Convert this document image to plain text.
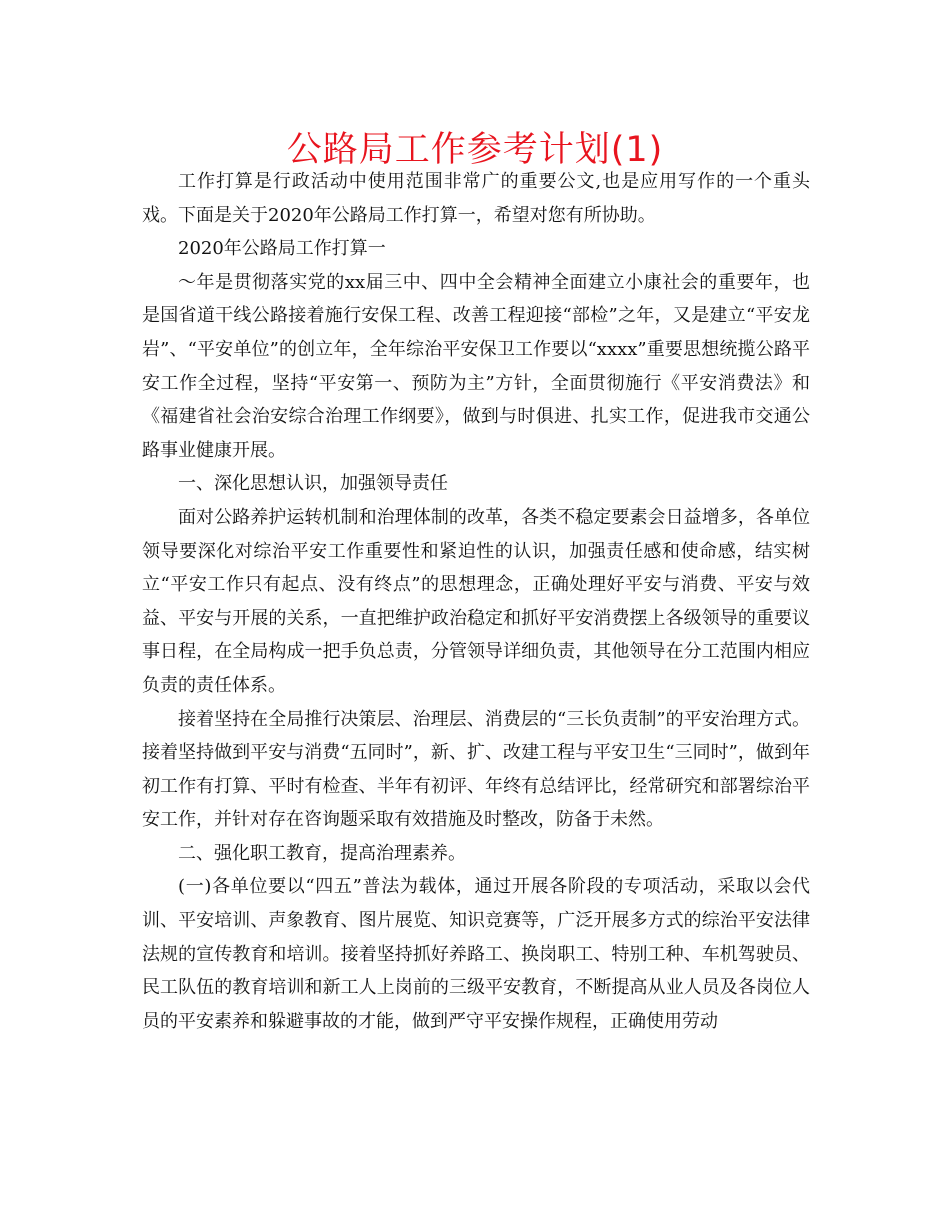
公路局工作参考计划(1)

工作打算是行政活动中使用范围非常广的重要公文,也是应用写作的一个重头戏。下面是关于2020年公路局工作打算一，希望对您有所协助。

2020年公路局工作打算一

～年是贯彻落实党的xx届三中、四中全会精神全面建立小康社会的重要年，也是国省道干线公路接着施行安保工程、改善工程迎接“部检”之年，又是建立“平安龙岩”、“平安单位”的创立年，全年综治平安保卫工作要以“xxxx”重要思想统揽公路平安工作全过程，坚持“平安第一、预防为主”方针，全面贯彻施行《平安消费法》和《福建省社会治安综合治理工作纲要》，做到与时俱进、扎实工作，促进我市交通公路事业健康开展。

一、深化思想认识，加强领导责任

面对公路养护运转机制和治理体制的改革，各类不稳定要素会日益增多，各单位领导要深化对综治平安工作重要性和紧迫性的认识，加强责任感和使命感，结实树立“平安工作只有起点、没有终点”的思想理念，正确处理好平安与消费、平安与效益、平安与开展的关系，一直把维护政治稳定和抓好平安消费摆上各级领导的重要议事日程，在全局构成一把手负总责，分管领导详细负责，其他领导在分工范围内相应负责的责任体系。

接着坚持在全局推行决策层、治理层、消费层的“三长负责制”的平安治理方式。接着坚持做到平安与消费“五同时”，新、扩、改建工程与平安卫生“三同时”，做到年初工作有打算、平时有检查、半年有初评、年终有总结评比，经常研究和部署综治平安工作，并针对存在咨询题采取有效措施及时整改，防备于未然。

二、强化职工教育，提高治理素养。

(一)各单位要以“四五”普法为载体，通过开展各阶段的专项活动，采取以会代训、平安培训、声象教育、图片展览、知识竞赛等，广泛开展多方式的综治平安法律法规的宣传教育和培训。接着坚持抓好养路工、换岗职工、特别工种、车机驾驶员、民工队伍的教育培训和新工人上岗前的三级平安教育，不断提高从业人员及各岗位人员的平安素养和躲避事故的才能，做到严守平安操作规程，正确使用劳动
